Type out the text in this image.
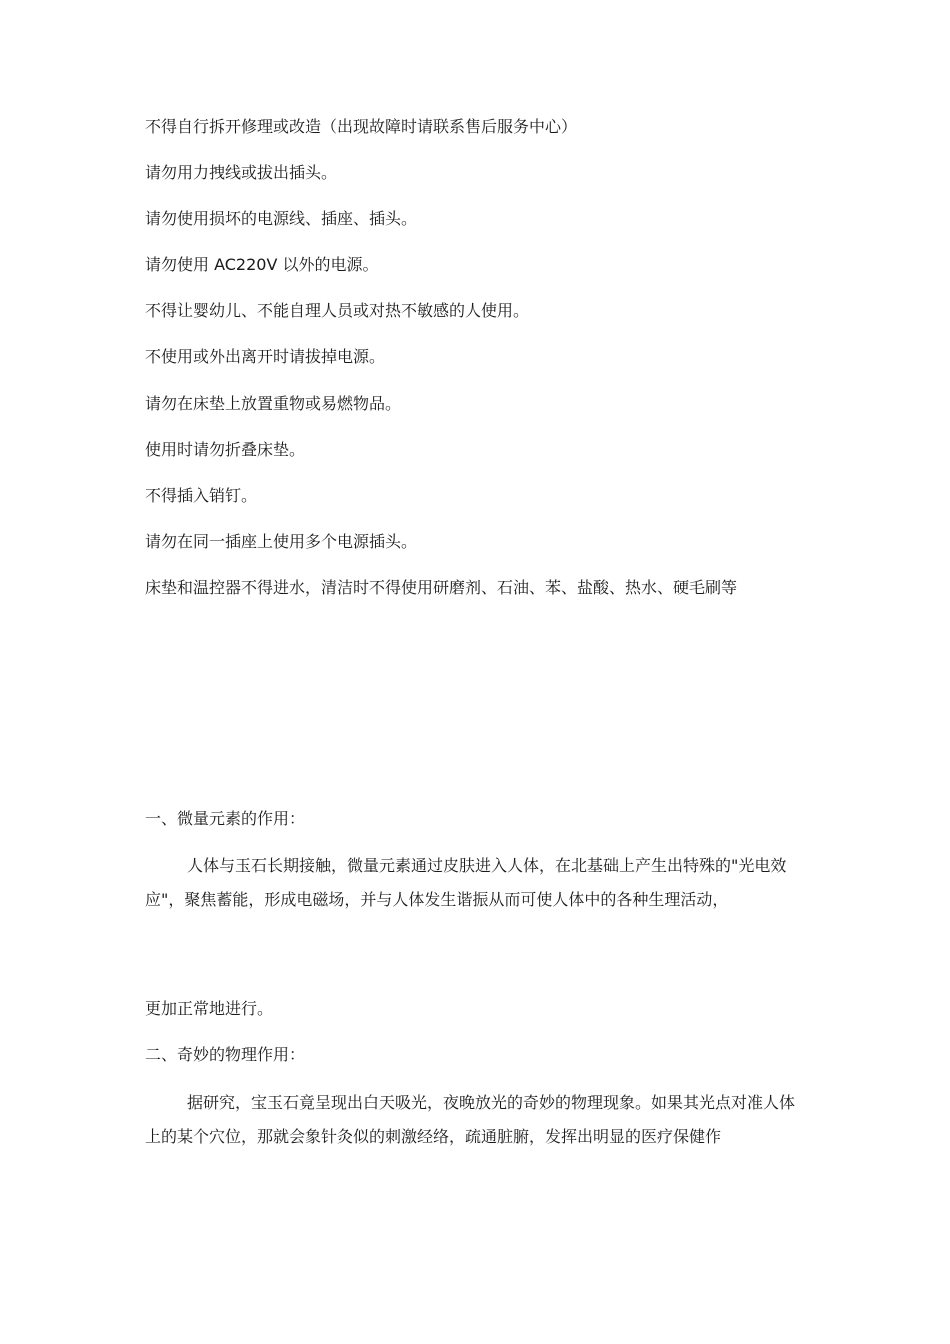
不得自行拆开修理或改造（出现故障时请联系售后服务中心）

请勿用力拽线或拔出插头。

请勿使用损坏的电源线、插座、插头。

请勿使用 AC220V 以外的电源。

不得让婴幼儿、不能自理人员或对热不敏感的人使用。

不使用或外出离开时请拔掉电源。

请勿在床垫上放置重物或易燃物品。

使用时请勿折叠床垫。

不得插入销钉。

请勿在同一插座上使用多个电源插头。

床垫和温控器不得进水，清洁时不得使用研磨剂、石油、苯、盐酸、热水、硬毛刷等

一、微量元素的作用：

人体与玉石长期接触，微量元素通过皮肤进入人体，在北基础上产生出特殊的"光电效应"，聚焦蓄能，形成电磁场，并与人体发生谐振从而可使人体中的各种生理活动，

更加正常地进行。

二、奇妙的物理作用：

据研究，宝玉石竟呈现出白天吸光，夜晚放光的奇妙的物理现象。如果其光点对准人体上的某个穴位，那就会象针灸似的刺激经络，疏通脏腑，发挥出明显的医疗保健作
